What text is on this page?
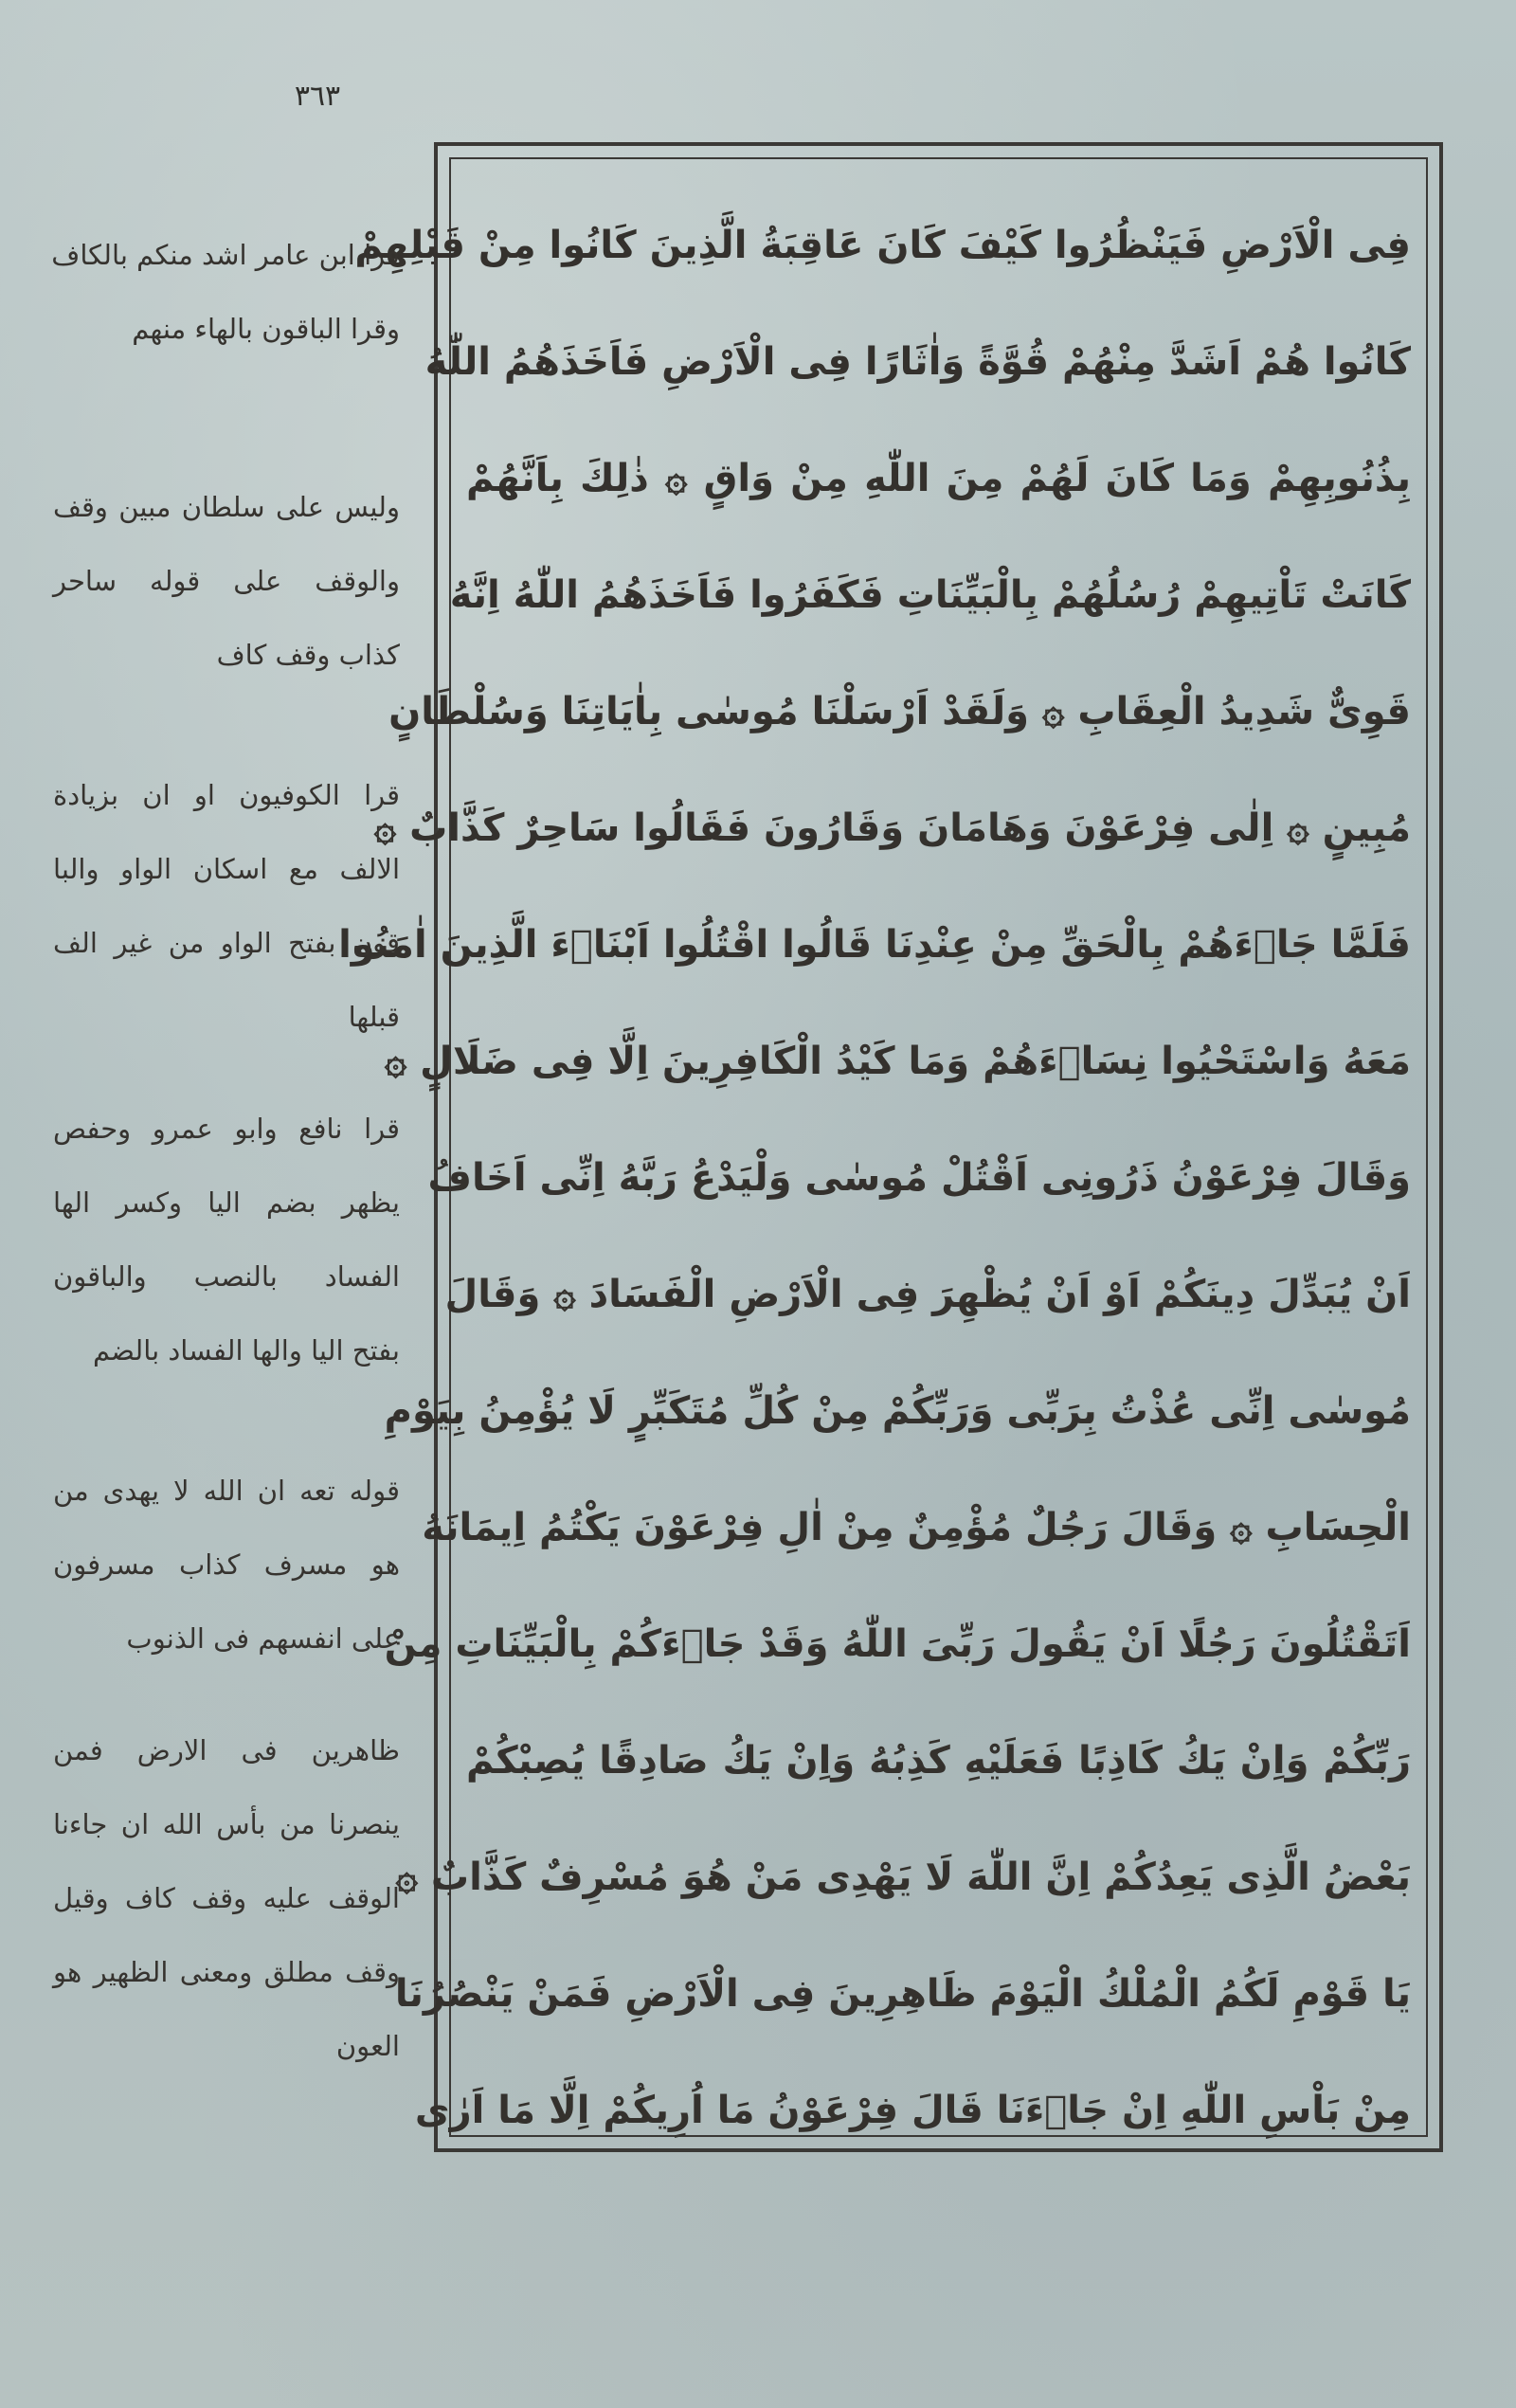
٣٦٣
فِى الْاَرْضِ فَيَنْظُرُوا كَيْفَ كَانَ عَاقِبَةُ الَّذِينَ كَانُوا مِنْ قَبْلِهِمْ
كَانُوا هُمْ اَشَدَّ مِنْهُمْ قُوَّةً وَاٰثَارًا فِى الْاَرْضِ فَاَخَذَهُمُ اللّٰهُ
بِذُنُوبِهِمْ وَمَا كَانَ لَهُمْ مِنَ اللّٰهِ مِنْ وَاقٍ ۞ ذٰلِكَ بِاَنَّهُمْ
كَانَتْ تَاْتِيهِمْ رُسُلُهُمْ بِالْبَيِّنَاتِ فَكَفَرُوا فَاَخَذَهُمُ اللّٰهُ اِنَّهُ
قَوِىٌّ شَدِيدُ الْعِقَابِ ۞ وَلَقَدْ اَرْسَلْنَا مُوسٰى بِاٰيَاتِنَا وَسُلْطَانٍ
مُبِينٍ ۞ اِلٰى فِرْعَوْنَ وَهَامَانَ وَقَارُونَ فَقَالُوا سَاحِرٌ كَذَّابٌ ۞
فَلَمَّا جَاۤءَهُمْ بِالْحَقِّ مِنْ عِنْدِنَا قَالُوا اقْتُلُوا اَبْنَاۤءَ الَّذِينَ اٰمَنُوا
مَعَهُ وَاسْتَحْيُوا نِسَاۤءَهُمْ وَمَا كَيْدُ الْكَافِرِينَ اِلَّا فِى ضَلَالٍ ۞
وَقَالَ فِرْعَوْنُ ذَرُونِى اَقْتُلْ مُوسٰى وَلْيَدْعُ رَبَّهُ اِنِّى اَخَافُ
اَنْ يُبَدِّلَ دِينَكُمْ اَوْ اَنْ يُظْهِرَ فِى الْاَرْضِ الْفَسَادَ ۞ وَقَالَ
مُوسٰى اِنِّى عُذْتُ بِرَبِّى وَرَبِّكُمْ مِنْ كُلِّ مُتَكَبِّرٍ لَا يُؤْمِنُ بِيَوْمِ
الْحِسَابِ ۞ وَقَالَ رَجُلٌ مُؤْمِنٌ مِنْ اٰلِ فِرْعَوْنَ يَكْتُمُ اِيمَانَهُ
اَتَقْتُلُونَ رَجُلًا اَنْ يَقُولَ رَبِّىَ اللّٰهُ وَقَدْ جَاۤءَكُمْ بِالْبَيِّنَاتِ مِنْ
رَبِّكُمْ وَاِنْ يَكُ كَاذِبًا فَعَلَيْهِ كَذِبُهُ وَاِنْ يَكُ صَادِقًا يُصِبْكُمْ
بَعْضُ الَّذِى يَعِدُكُمْ اِنَّ اللّٰهَ لَا يَهْدِى مَنْ هُوَ مُسْرِفٌ كَذَّابٌ ۞
يَا قَوْمِ لَكُمُ الْمُلْكُ الْيَوْمَ ظَاهِرِينَ فِى الْاَرْضِ فَمَنْ يَنْصُرُنَا
مِنْ بَاْسِ اللّٰهِ اِنْ جَاۤءَنَا قَالَ فِرْعَوْنُ مَا اُرِيكُمْ اِلَّا مَا اَرٰى
قرا ابن عامر اشد منكم بالكاف
وقرا الباقون بالهاء منهم
وليس على سلطان مبين وقف
والوقف على قوله ساحر
كذاب وقف كاف
قرا الكوفيون او ان بزيادة
الالف مع اسكان الواو والبا
قون بفتح الواو من غير الف
قبلها
قرا نافع وابو عمرو وحفص
يظهر بضم اليا وكسر الها
الفساد بالنصب والباقون
بفتح اليا والها الفساد بالضم
قوله تعه ان الله لا يهدى من
هو مسرف كذاب مسرفون
على انفسهم فى الذنوب
ظاهرين فى الارض فمن
ينصرنا من بأس الله ان جاءنا
الوقف عليه وقف كاف وقيل
وقف مطلق ومعنى الظهير هو
العون
